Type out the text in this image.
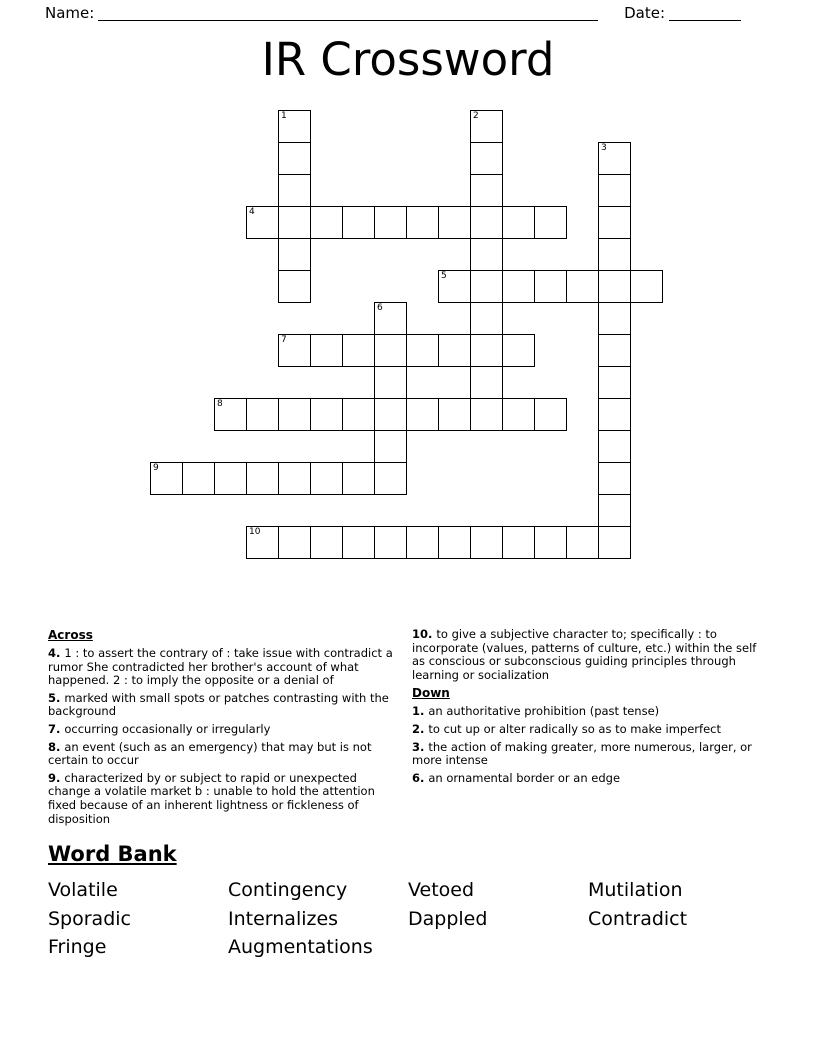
Name:	Date:
IR Crossword
1	2
3
4
5
6
7
8
9
10
Across
4. 1 : to assert the contrary of : take issue with contradict a rumor She contradicted her brother's account of what happened. 2 : to imply the opposite or a denial of
5. marked with small spots or patches contrasting with the background
7. occurring occasionally or irregularly
8. an event (such as an emergency) that may but is not certain to occur
9. characterized by or subject to rapid or unexpected change a volatile market b : unable to hold the attention fixed because of an inherent lightness or fickleness of disposition
10. to give a subjective character to; specifically : to incorporate (values, patterns of culture, etc.) within the self as conscious or subconscious guiding principles through learning or socialization
Down
1. an authoritative prohibition (past tense)
2. to cut up or alter radically so as to make imperfect
3. the action of making greater, more numerous, larger, or more intense
6. an ornamental border or an edge
Word Bank
Volatile
Sporadic
Fringe
Contingency
Internalizes
Augmentations
Vetoed
Dappled
Mutilation
Contradict
